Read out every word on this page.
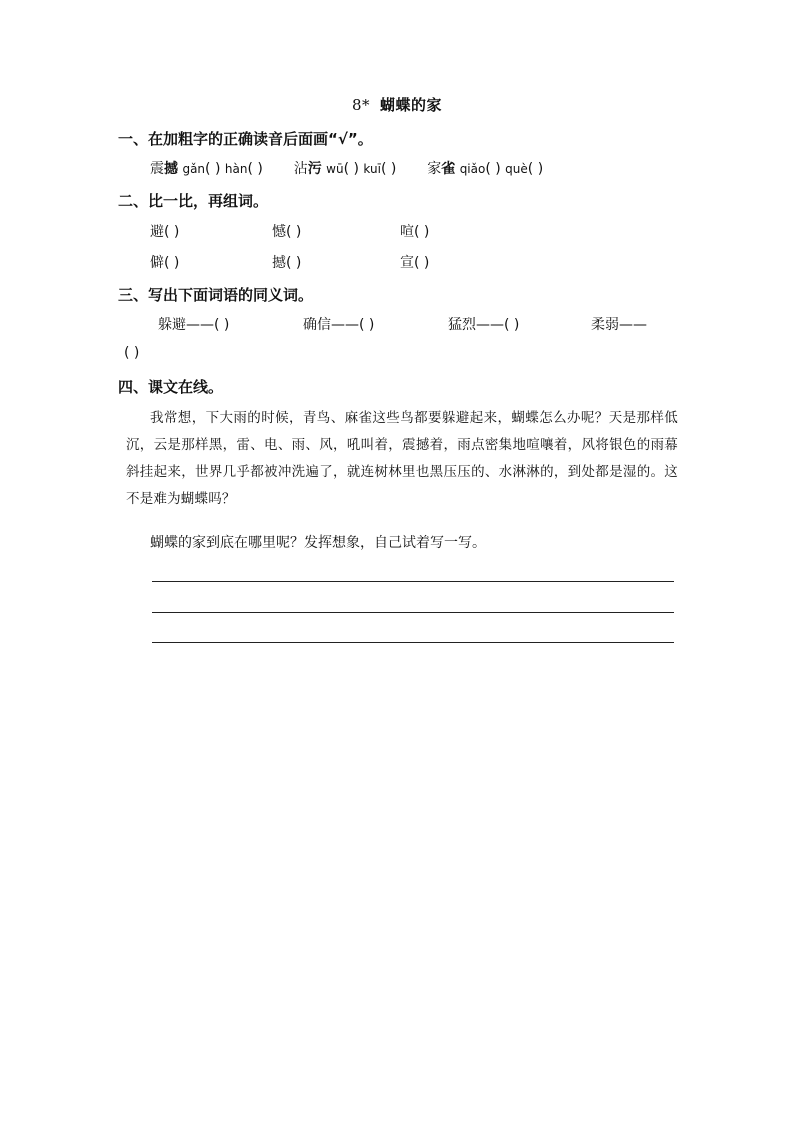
8* 蝴蝶的家
一、在加粗字的正确读音后面画“√”。
震撼 gǎn( ) hàn( ) 沾污 wū( ) kuī( ) 家雀 qiǎo( ) què( )
二、比一比，再组词。
避( )	憾( )	喧( )
僻( )	撼( )	宣( )
三、写出下面词语的同义词。
躲避——( )	确信——( )	猛烈——( )	柔弱——
( )
四、课文在线。
我常想，下大雨的时候，青鸟、麻雀这些鸟都要躲避起来，蝴蝶怎么办呢？天是那样低沉，云是那样黑，雷、电、雨、风，吼叫着，震撼着，雨点密集地喧嚷着，风将银色的雨幕斜挂起来，世界几乎都被冲洗遍了，就连树林里也黑压压的、水淋淋的，到处都是湿的。这不是难为蝴蝶吗？
蝴蝶的家到底在哪里呢？发挥想象，自己试着写一写。
